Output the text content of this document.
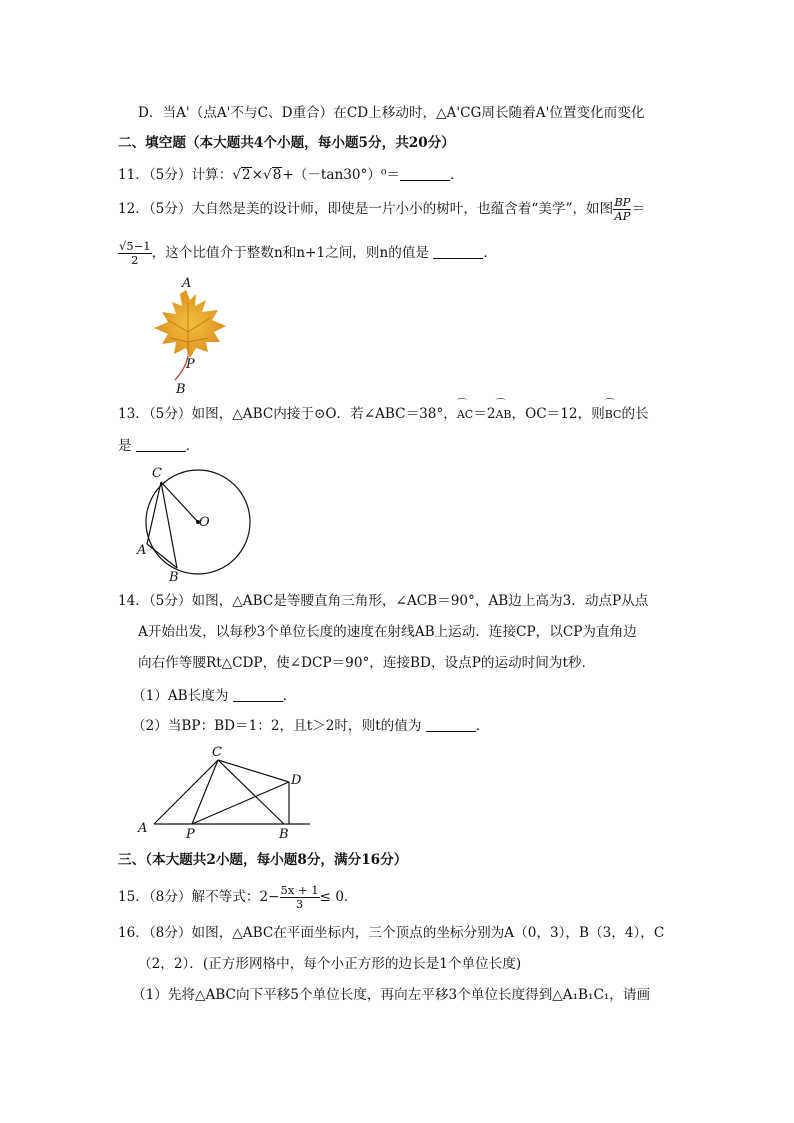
D．当A'（点A'不与C、D重合）在CD上移动时，△A'CG周长随着A'位置变化而变化
二、填空题（本大题共4个小题，每小题5分，共20分）
11．（5分）计算：√2×√8+（－tan30°）⁰＝	．
12．（5分）大自然是美的设计师，即使是一片小小的树叶，也蕴含着“美学”，如图 $\frac{BP}{AP}$ ＝
$\frac{√5-1}{2}$ ，这个比值介于整数n和n+1之间，则n的值是	．
A
P
B
13．（5分）如图，△ABC内接于⊙O．若∠ABC＝38°，⌒ AC＝2⌒ AB，OC＝12，则⌒ BC的长
是	．
C
O
A
B
14．（5分）如图，△ABC是等腰直角三角形，∠ACB＝90°，AB边上高为3．动点P从点
A开始出发，以每秒3个单位长度的速度在射线AB上运动．连接CP，以CP为直角边
向右作等腰Rt△CDP，使∠DCP＝90°，连接BD，设点P的运动时间为t秒．
（1）AB长度为	．
（2）当BP：BD＝1：2，且t＞2时，则t的值为	．
C
D
A	P	B
三、（本大题共2小题，每小题8分，满分16分）
15．（8分）解不等式：$2- \frac{5x + 1}{3} \le 0$．
16．（8分）如图，△ABC在平面坐标内，三个顶点的坐标分别为A（0，3），B（3，4），C
（2，2）．(正方形网格中，每个小正方形的边长是1个单位长度)
（1）先将△ABC向下平移5个单位长度，再向左平移3个单位长度得到△A₁B₁C₁，请画
